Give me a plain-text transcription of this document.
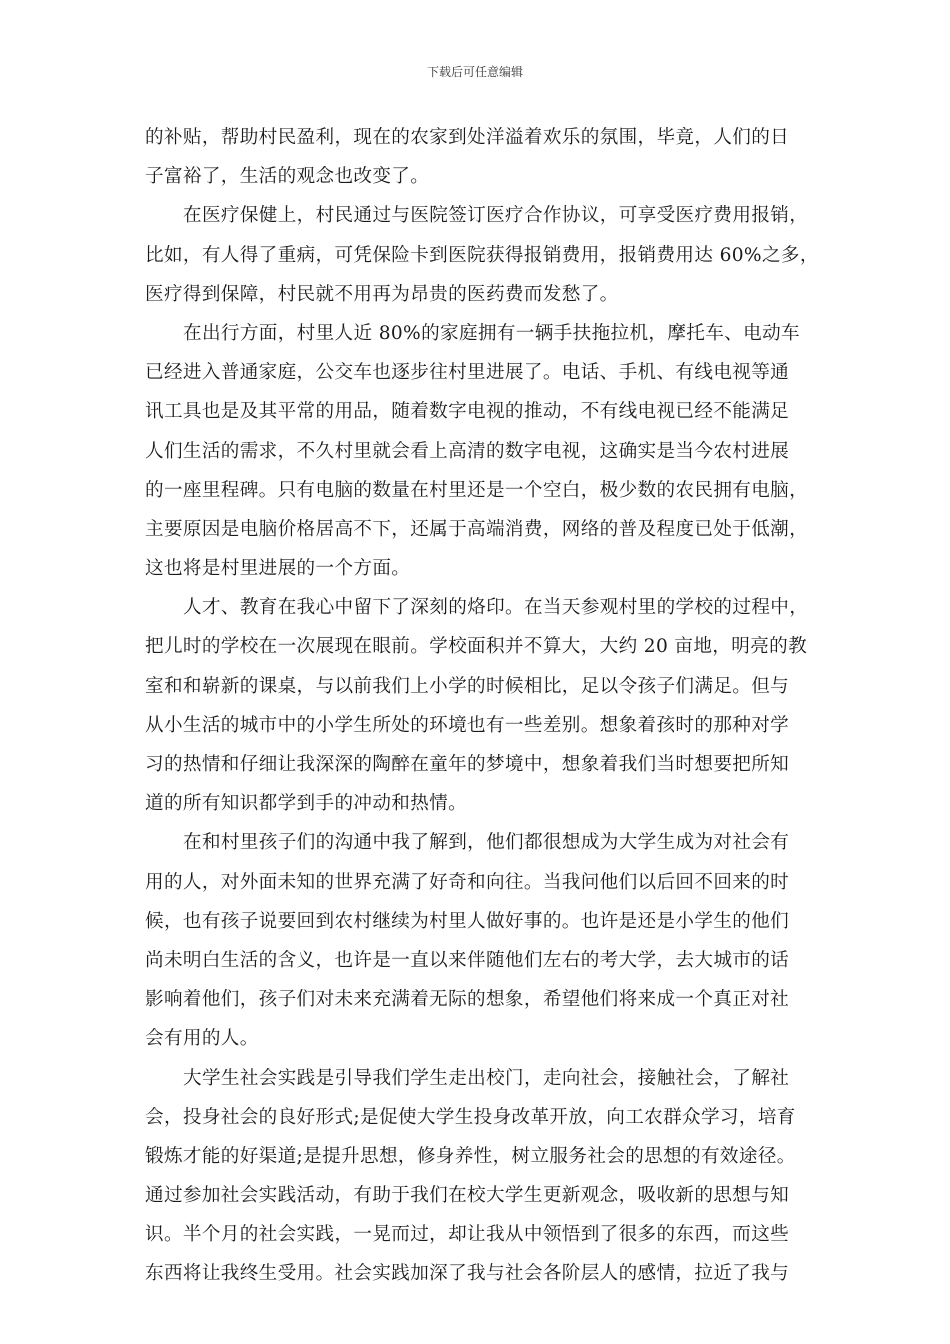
下载后可任意编辑
的补贴，帮助村民盈利，现在的农家到处洋溢着欢乐的氛围，毕竟，人们的日
子富裕了，生活的观念也改变了。
在医疗保健上，村民通过与医院签订医疗合作协议，可享受医疗费用报销，
比如，有人得了重病，可凭保险卡到医院获得报销费用，报销费用达 60%之多，
医疗得到保障，村民就不用再为昂贵的医药费而发愁了。
在出行方面，村里人近 80%的家庭拥有一辆手扶拖拉机，摩托车、电动车
已经进入普通家庭，公交车也逐步往村里进展了。电话、手机、有线电视等通
讯工具也是及其平常的用品，随着数字电视的推动，不有线电视已经不能满足
人们生活的需求，不久村里就会看上高清的数字电视，这确实是当今农村进展
的一座里程碑。只有电脑的数量在村里还是一个空白，极少数的农民拥有电脑，
主要原因是电脑价格居高不下，还属于高端消费，网络的普及程度已处于低潮，
这也将是村里进展的一个方面。
人才、教育在我心中留下了深刻的烙印。在当天参观村里的学校的过程中，
把儿时的学校在一次展现在眼前。学校面积并不算大，大约 20 亩地，明亮的教
室和和崭新的课桌，与以前我们上小学的时候相比，足以令孩子们满足。但与
从小生活的城市中的小学生所处的环境也有一些差别。想象着孩时的那种对学
习的热情和仔细让我深深的陶醉在童年的梦境中，想象着我们当时想要把所知
道的所有知识都学到手的冲动和热情。
在和村里孩子们的沟通中我了解到，他们都很想成为大学生成为对社会有
用的人，对外面未知的世界充满了好奇和向往。当我问他们以后回不回来的时
候，也有孩子说要回到农村继续为村里人做好事的。也许是还是小学生的他们
尚未明白生活的含义，也许是一直以来伴随他们左右的考大学，去大城市的话
影响着他们，孩子们对未来充满着无际的想象，希望他们将来成一个真正对社
会有用的人。
大学生社会实践是引导我们学生走出校门，走向社会，接触社会，了解社
会，投身社会的良好形式;是促使大学生投身改革开放，向工农群众学习，培育
锻炼才能的好渠道;是提升思想，修身养性，树立服务社会的思想的有效途径。
通过参加社会实践活动，有助于我们在校大学生更新观念，吸收新的思想与知
识。半个月的社会实践，一晃而过，却让我从中领悟到了很多的东西，而这些
东西将让我终生受用。社会实践加深了我与社会各阶层人的感情，拉近了我与
